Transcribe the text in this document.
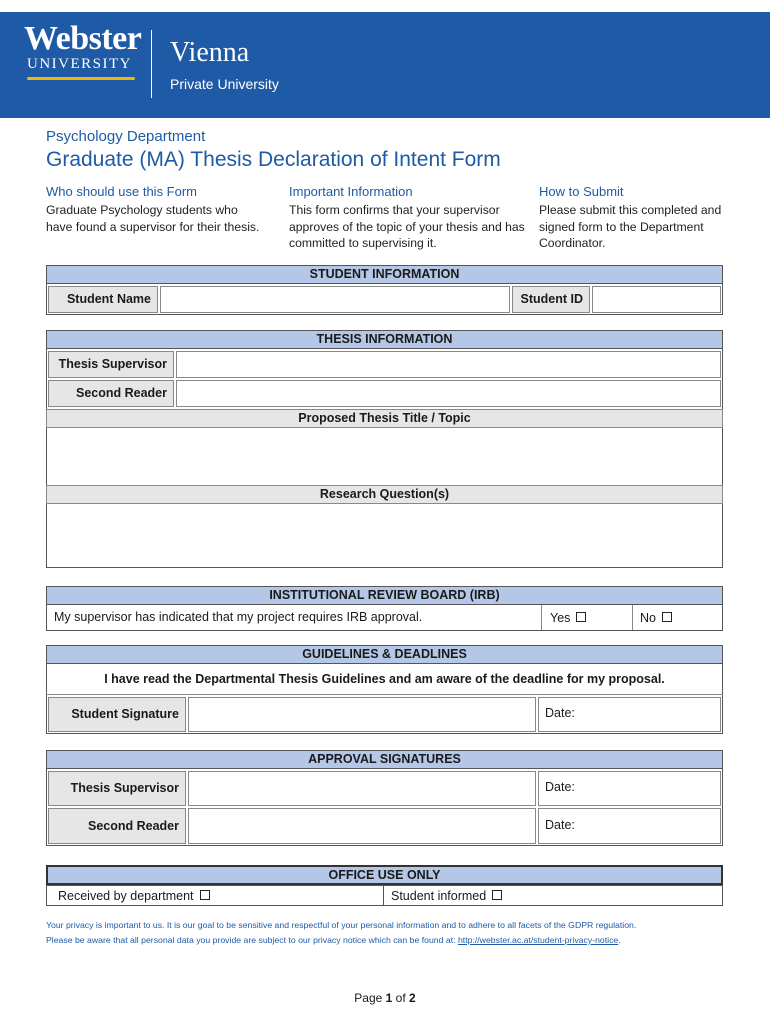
Webster
UNIVERSITY Vienna
Private University
Psychology Department
Graduate (MA) Thesis Declaration of Intent Form
Who should use this Form
Graduate Psychology students who have found a supervisor for their thesis.
Important Information
This form confirms that your supervisor approves of the topic of your thesis and has committed to supervising it.
How to Submit
Please submit this completed and signed form to the Department Coordinator.
STUDENT INFORMATION
Student Name	Student ID
THESIS INFORMATION
Thesis Supervisor
Second Reader
Proposed Thesis Title / Topic
Research Question(s)
INSTITUTIONAL REVIEW BOARD (IRB)
My supervisor has indicated that my project requires IRB approval.	Yes	No
GUIDELINES & DEADLINES
I have read the Departmental Thesis Guidelines and am aware of the deadline for my proposal.
Student Signature	Date:
APPROVAL SIGNATURES
Thesis Supervisor	Date:
Second Reader	Date:
OFFICE USE ONLY
Received by department	Student informed
Your privacy is important to us. It is our goal to be sensitive and respectful of your personal information and to adhere to all facets of the GDPR regulation.
Please be aware that all personal data you provide are subject to our privacy notice which can be found at: http://webster.ac.at/student-privacy-notice.
Page 1 of 2
